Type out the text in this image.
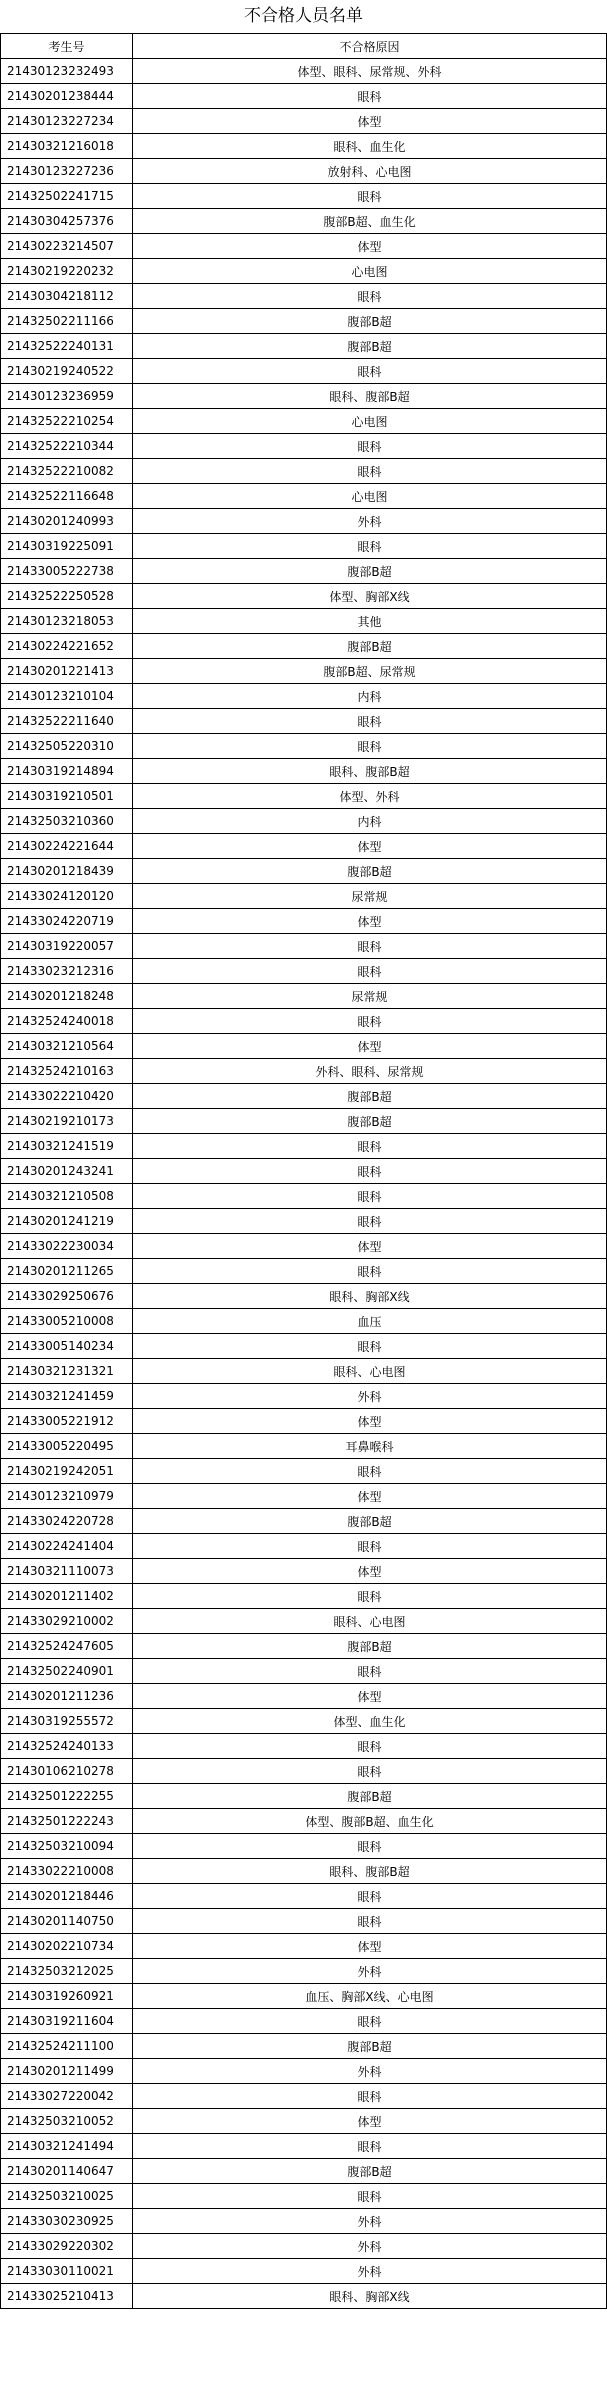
不合格人员名单
考生号	不合格原因
21430123232493	体型、眼科、尿常规、外科
21430201238444	眼科
21430123227234	体型
21430321216018	眼科、血生化
21430123227236	放射科、心电图
21432502241715	眼科
21430304257376	腹部B超、血生化
21430223214507	体型
21430219220232	心电图
21430304218112	眼科
21432502211166	腹部B超
21432522240131	腹部B超
21430219240522	眼科
21430123236959	眼科、腹部B超
21432522210254	心电图
21432522210344	眼科
21432522210082	眼科
21432522116648	心电图
21430201240993	外科
21430319225091	眼科
21433005222738	腹部B超
21432522250528	体型、胸部X线
21430123218053	其他
21430224221652	腹部B超
21430201221413	腹部B超、尿常规
21430123210104	内科
21432522211640	眼科
21432505220310	眼科
21430319214894	眼科、腹部B超
21430319210501	体型、外科
21432503210360	内科
21430224221644	体型
21430201218439	腹部B超
21433024120120	尿常规
21433024220719	体型
21430319220057	眼科
21433023212316	眼科
21430201218248	尿常规
21432524240018	眼科
21430321210564	体型
21432524210163	外科、眼科、尿常规
21433022210420	腹部B超
21430219210173	腹部B超
21430321241519	眼科
21430201243241	眼科
21430321210508	眼科
21430201241219	眼科
21433022230034	体型
21430201211265	眼科
21433029250676	眼科、胸部X线
21433005210008	血压
21433005140234	眼科
21430321231321	眼科、心电图
21430321241459	外科
21433005221912	体型
21433005220495	耳鼻喉科
21430219242051	眼科
21430123210979	体型
21433024220728	腹部B超
21430224241404	眼科
21430321110073	体型
21430201211402	眼科
21433029210002	眼科、心电图
21432524247605	腹部B超
21432502240901	眼科
21430201211236	体型
21430319255572	体型、血生化
21432524240133	眼科
21430106210278	眼科
21432501222255	腹部B超
21432501222243	体型、腹部B超、血生化
21432503210094	眼科
21433022210008	眼科、腹部B超
21430201218446	眼科
21430201140750	眼科
21430202210734	体型
21432503212025	外科
21430319260921	血压、胸部X线、心电图
21430319211604	眼科
21432524211100	腹部B超
21430201211499	外科
21433027220042	眼科
21432503210052	体型
21430321241494	眼科
21430201140647	腹部B超
21432503210025	眼科
21433030230925	外科
21433029220302	外科
21433030110021	外科
21433025210413	眼科、胸部X线
